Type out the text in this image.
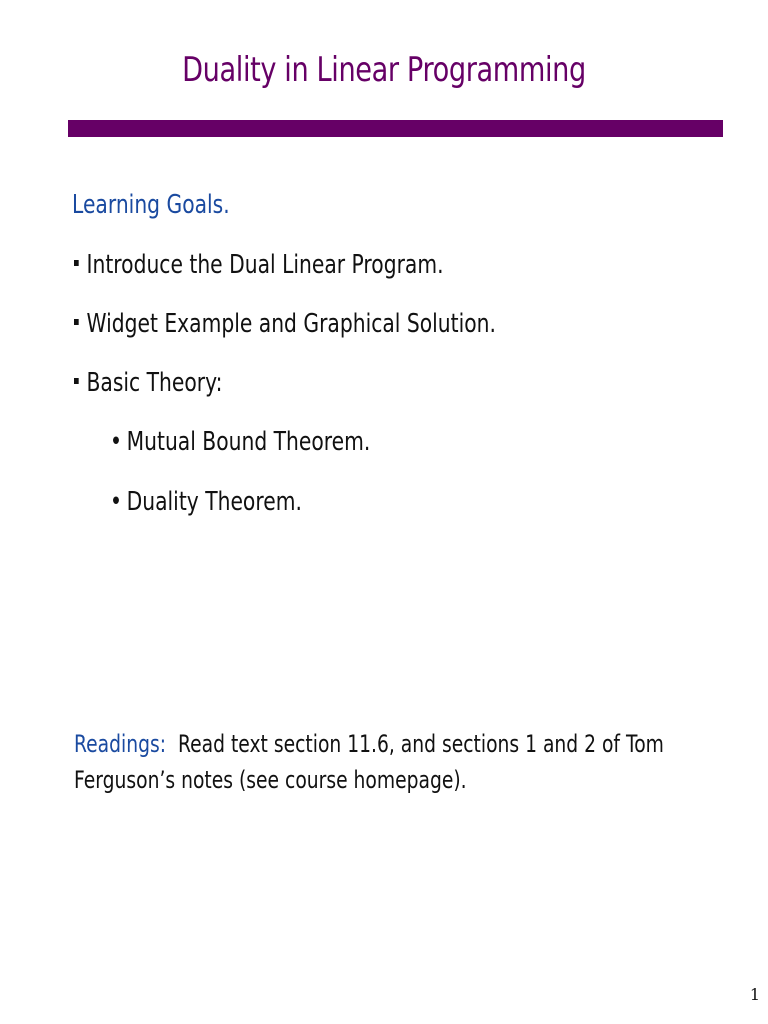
Duality in Linear Programming
Learning Goals.
Introduce the Dual Linear Program.
Widget Example and Graphical Solution.
Basic Theory:
• Mutual Bound Theorem.
• Duality Theorem.
Readings: Read text section 11.6, and sections 1 and 2 of Tom
Ferguson’s notes (see course homepage).
1
